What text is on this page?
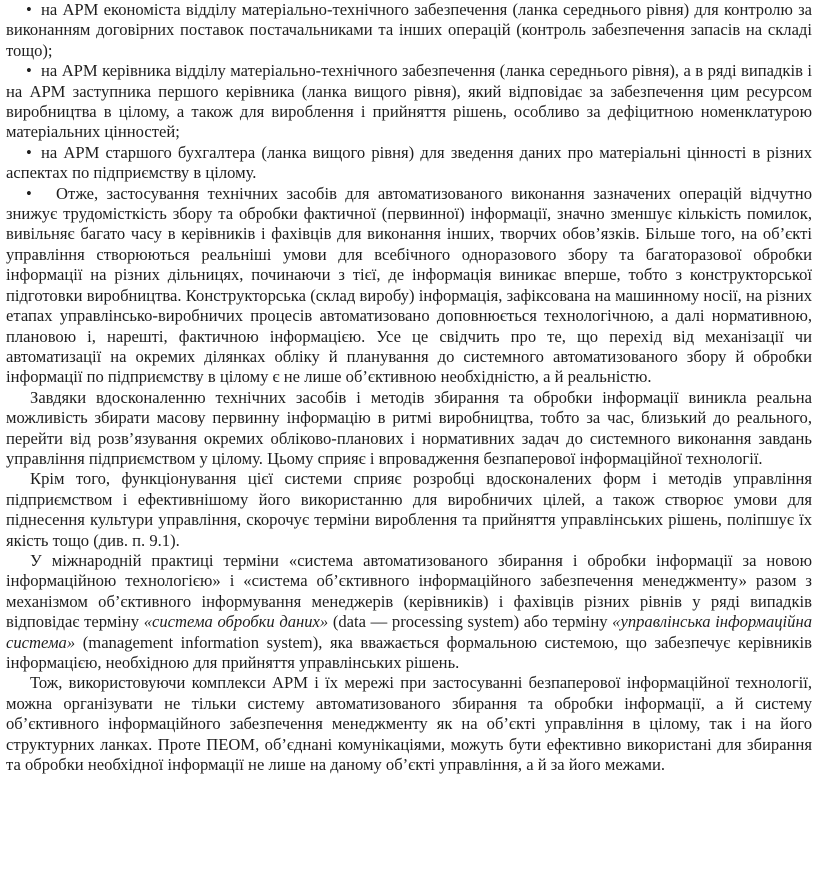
• на АРМ економіста відділу матеріально-технічного забезпечення (ланка середнього рівня) для контролю за виконанням договірних поставок постачальниками та інших операцій (контроль забезпечення запасів на складі тощо);

• на АРМ керівника відділу матеріально-технічного забезпечення (ланка середнього рівня), а в ряді випадків і на АРМ заступника першого керівника (ланка вищого рівня), який відповідає за забезпечення цим ресурсом виробництва в цілому, а також для вироблення і прийняття рішень, особливо за дефіцитною номенклатурою матеріальних цінностей;

• на АРМ старшого бухгалтера (ланка вищого рівня) для зведення даних про матеріальні цінності в різних аспектах по підприємству в цілому.

• Отже, застосування технічних засобів для автоматизованого виконання зазначених операцій відчутно знижує трудомісткість збору та обробки фактичної (первинної) інформації, значно зменшує кількість помилок, вивільняє багато часу в керівників і фахівців для виконання інших, творчих обов’язків. Більше того, на об’єкті управління створюються реальніші умови для всебічного одноразового збору та багаторазової обробки інформації на різних дільницях, починаючи з тієї, де інформація виникає вперше, тобто з конструкторської підготовки виробництва. Конструкторська (склад виробу) інформація, зафіксована на машинному носії, на різних етапах управлінсько-виробничих процесів автоматизовано доповнюється технологічною, а далі нормативною, плановою і, нарешті, фактичною інформацією. Усе це свідчить про те, що перехід від механізації чи автоматизації на окремих ділянках обліку й планування до системного автоматизованого збору й обробки інформації по підприємству в цілому є не лише об’єктивною необхідністю, а й реальністю.

Завдяки вдосконаленню технічних засобів і методів збирання та обробки інформації виникла реальна можливість збирати масову первинну інформацію в ритмі виробництва, тобто за час, близький до реального, перейти від розв’язування окремих обліково-планових і нормативних задач до системного виконання завдань управління підприємством у цілому. Цьому сприяє і впровадження безпаперової інформаційної технології.

Крім того, функціонування цієї системи сприяє розробці вдосконалених форм і методів управління підприємством і ефективнішому його використанню для виробничих цілей, а також створює умови для піднесення культури управління, скорочує терміни вироблення та прийняття управлінських рішень, поліпшує їх якість тощо (див. п. 9.1).

У міжнародній практиці терміни «система автоматизованого збирання і обробки інформації за новою інформаційною технологією» і «система об’єктивного інформаційного забезпечення менеджменту» разом з механізмом об’єктивного інформування менеджерів (керівників) і фахівців різних рівнів у ряді випадків відповідає терміну «система обробки даних» (data — processing system) або терміну «управлінська інформаційна система» (management information system), яка вважається формальною системою, що забезпечує керівників інформацією, необхідною для прийняття управлінських рішень.

Тож, використовуючи комплекси АРМ і їх мережі при застосуванні безпаперової інформаційної технології, можна організувати не тільки систему автоматизованого збирання та обробки інформації, а й систему об’єктивного інформаційного забезпечення менеджменту як на об’єкті управління в цілому, так і на його структурних ланках. Проте ПЕОМ, об’єднані комунікаціями, можуть бути ефективно використані для збирання та обробки необхідної інформації не лише на даному об’єкті управління, а й за його межами.
